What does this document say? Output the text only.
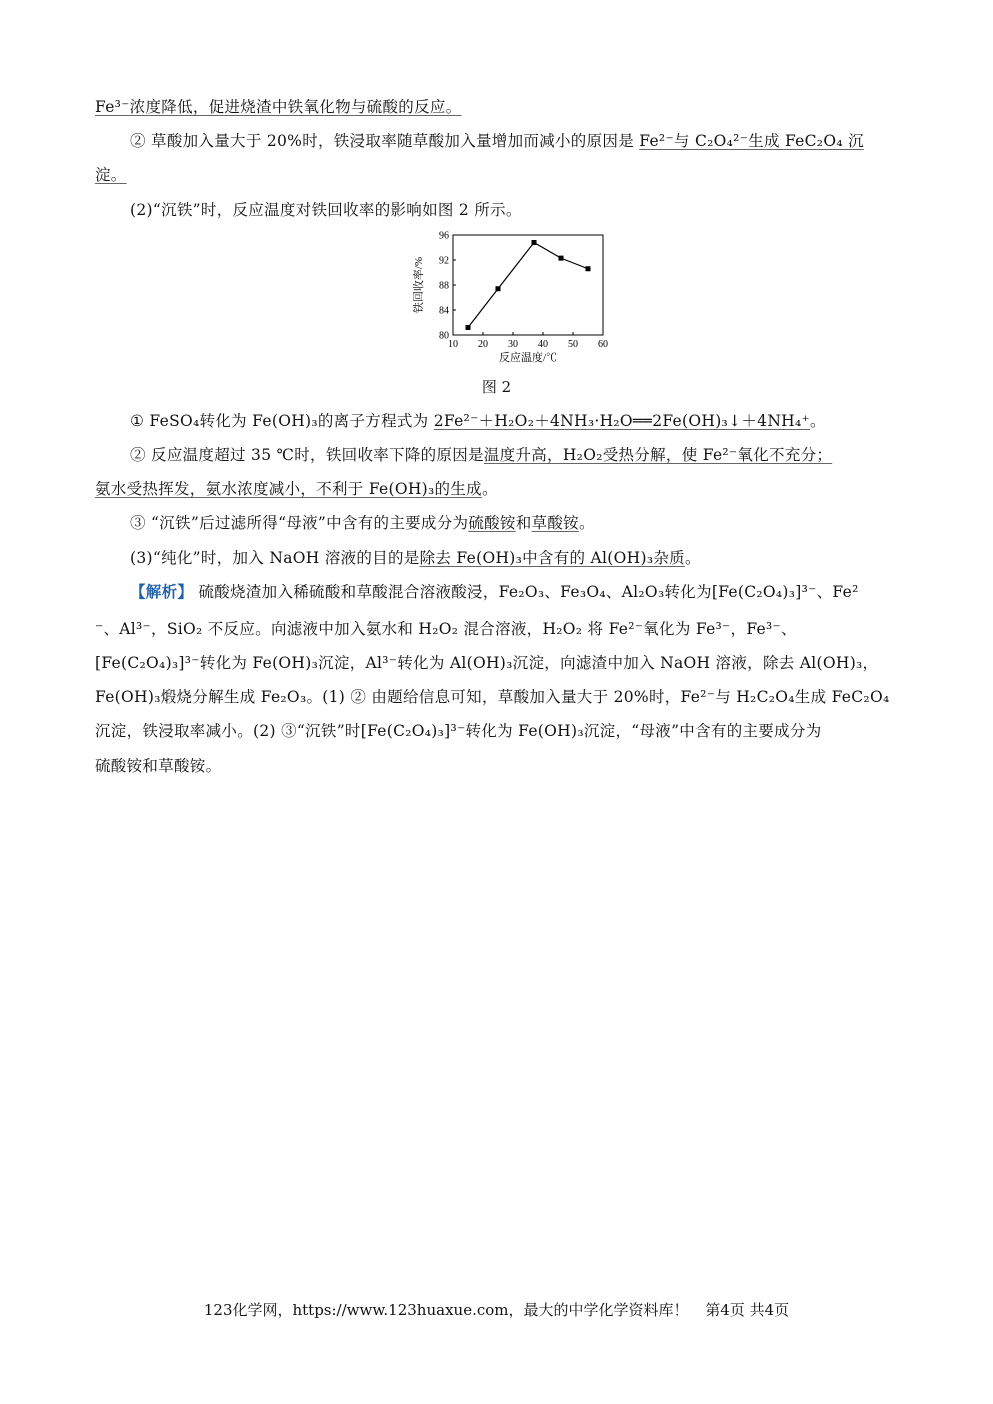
Fe³⁻浓度降低，促进烧渣中铁氧化物与硫酸的反应。
② 草酸加入量大于 20%时，铁浸取率随草酸加入量增加而减小的原因是 Fe²⁻与 C₂O₄²⁻生成 FeC₂O₄ 沉
淀。
(2)“沉铁”时，反应温度对铁回收率的影响如图 2 所示。
10 20 30 40 50 60
80
84
88
92
96
反应温度/℃
铁回收率/%
图 2
① FeSO₄转化为 Fe(OH)₃的离子方程式为 2Fe²⁻＋H₂O₂＋4NH₃·H₂O══2Fe(OH)₃↓＋4NH₄⁺。
② 反应温度超过 35 ℃时，铁回收率下降的原因是温度升高，H₂O₂受热分解，使 Fe²⁻氧化不充分；
氨水受热挥发，氨水浓度减小，不利于 Fe(OH)₃的生成。
③ “沉铁”后过滤所得“母液”中含有的主要成分为硫酸铵和草酸铵。
(3)“纯化”时，加入 NaOH 溶液的目的是除去 Fe(OH)₃中含有的 Al(OH)₃杂质。
【解析】 硫酸烧渣加入稀硫酸和草酸混合溶液酸浸，Fe₂O₃、Fe₃O₄、Al₂O₃转化为[Fe(C₂O₄)₃]³⁻、Fe²
⁻、Al³⁻，SiO₂ 不反应。向滤液中加入氨水和 H₂O₂ 混合溶液，H₂O₂ 将 Fe²⁻氧化为 Fe³⁻，Fe³⁻、
[Fe(C₂O₄)₃]³⁻转化为 Fe(OH)₃沉淀，Al³⁻转化为 Al(OH)₃沉淀，向滤渣中加入 NaOH 溶液，除去 Al(OH)₃，
Fe(OH)₃煅烧分解生成 Fe₂O₃。(1) ② 由题给信息可知，草酸加入量大于 20%时，Fe²⁻与 H₂C₂O₄生成 FeC₂O₄
沉淀，铁浸取率减小。(2) ③“沉铁”时[Fe(C₂O₄)₃]³⁻转化为 Fe(OH)₃沉淀，“母液”中含有的主要成分为
硫酸铵和草酸铵。
123化学网，https://www.123huaxue.com，最大的中学化学资料库！ 第4页 共4页
